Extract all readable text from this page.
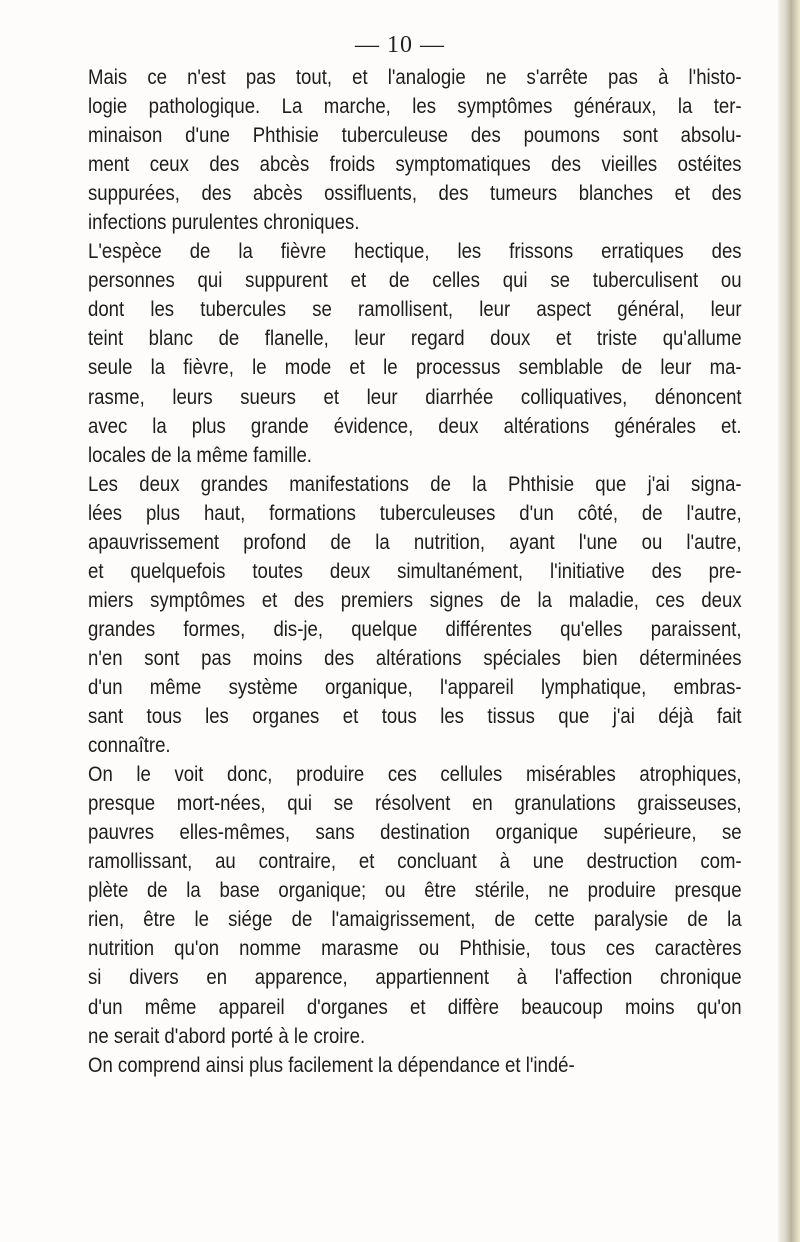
— 10 —
Mais ce n'est pas tout, et l'analogie ne s'arrête pas à l'histo-
logie pathologique. La marche, les symptômes généraux, la ter-
minaison d'une Phthisie tuberculeuse des poumons sont absolu-
ment ceux des abcès froids symptomatiques des vieilles ostéites
suppurées, des abcès ossifluents, des tumeurs blanches et des
infections purulentes chroniques.
L'espèce de la fièvre hectique, les frissons erratiques des
personnes qui suppurent et de celles qui se tuberculisent ou
dont les tubercules se ramollisent, leur aspect général, leur
teint blanc de flanelle, leur regard doux et triste qu'allume
seule la fièvre, le mode et le processus semblable de leur ma-
rasme, leurs sueurs et leur diarrhée colliquatives, dénoncent
avec la plus grande évidence, deux altérations générales et.
locales de la même famille.
Les deux grandes manifestations de la Phthisie que j'ai signa-
lées plus haut, formations tuberculeuses d'un côté, de l'autre,
apauvrissement profond de la nutrition, ayant l'une ou l'autre,
et quelquefois toutes deux simultanément, l'initiative des pre-
miers symptômes et des premiers signes de la maladie, ces deux
grandes formes, dis-je, quelque différentes qu'elles paraissent,
n'en sont pas moins des altérations spéciales bien déterminées
d'un même système organique, l'appareil lymphatique, embras-
sant tous les organes et tous les tissus que j'ai déjà fait
connaître.
On le voit donc, produire ces cellules misérables atrophiques,
presque mort-nées, qui se résolvent en granulations graisseuses,
pauvres elles-mêmes, sans destination organique supérieure, se
ramollissant, au contraire, et concluant à une destruction com-
plète de la base organique; ou être stérile, ne produire presque
rien, être le siége de l'amaigrissement, de cette paralysie de la
nutrition qu'on nomme marasme ou Phthisie, tous ces caractères
si divers en apparence, appartiennent à l'affection chronique
d'un même appareil d'organes et diffère beaucoup moins qu'on
ne serait d'abord porté à le croire.
On comprend ainsi plus facilement la dépendance et l'indé-
